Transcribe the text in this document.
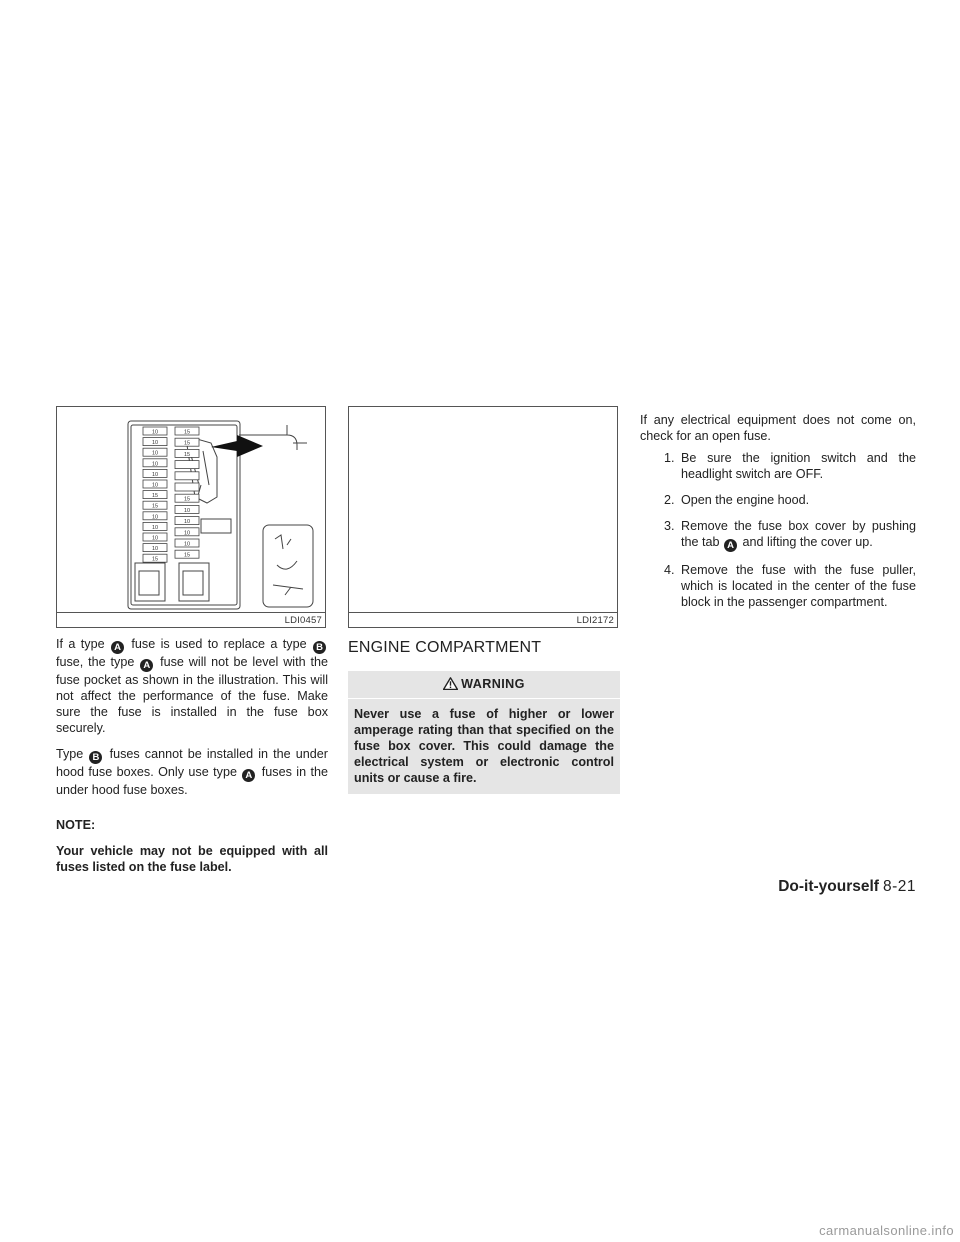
10
10
10
10
10
10
15
15
10
10
10
10
15
15
15
15
15
10
10
10
10
15
LDI0457

If a type A fuse is used to replace a type B fuse, the type A fuse will not be level with the fuse pocket as shown in the illustration. This will not affect the performance of the fuse. Make sure the fuse is installed in the fuse box securely.

Type B fuses cannot be installed in the under hood fuse boxes. Only use type A fuses in the under hood fuse boxes.

NOTE:

Your vehicle may not be equipped with all fuses listed on the fuse label.

LDI2172
ENGINE COMPARTMENT
WARNING
Never use a fuse of higher or lower amperage rating than that specified on the fuse box cover. This could damage the electrical system or electronic control units or cause a fire.
If any electrical equipment does not come on, check for an open fuse.
1. Be sure the ignition switch and the headlight switch are OFF.
2. Open the engine hood.
3. Remove the fuse box cover by pushing the tab A and lifting the cover up.
4. Remove the fuse with the fuse puller, which is located in the center of the fuse block in the passenger compartment.
Do-it-yourself 8-21
carmanualsonline.info
